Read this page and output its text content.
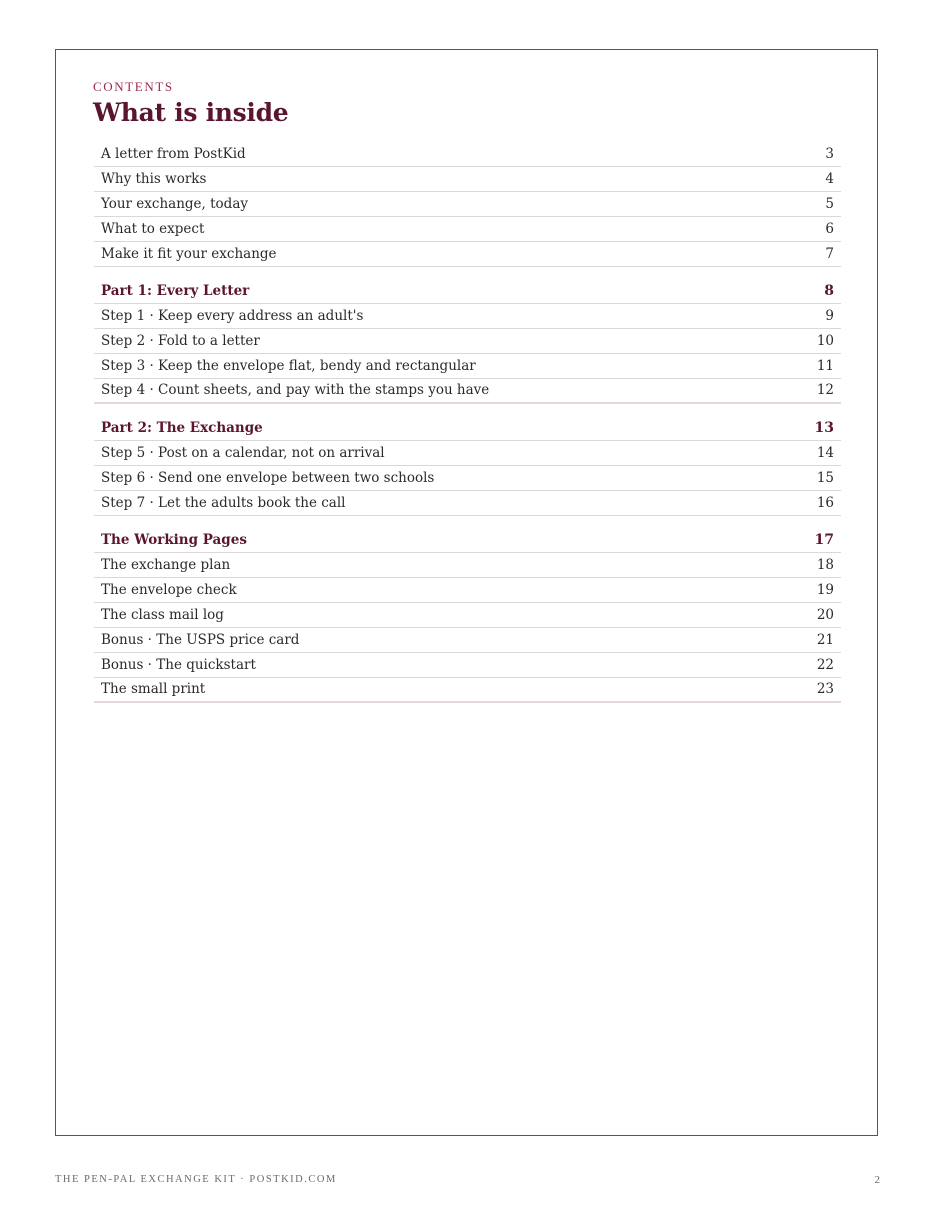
CONTENTS
What is inside
A letter from PostKid	3
Why this works	4
Your exchange, today	5
What to expect	6
Make it fit your exchange	7
Part 1: Every Letter	8
Step 1 · Keep every address an adult's	9
Step 2 · Fold to a letter	10
Step 3 · Keep the envelope flat, bendy and rectangular	11
Step 4 · Count sheets, and pay with the stamps you have	12
Part 2: The Exchange	13
Step 5 · Post on a calendar, not on arrival	14
Step 6 · Send one envelope between two schools	15
Step 7 · Let the adults book the call	16
The Working Pages	17
The exchange plan	18
The envelope check	19
The class mail log	20
Bonus · The USPS price card	21
Bonus · The quickstart	22
The small print	23
THE PEN-PAL EXCHANGE KIT · POSTKID.COM	2
